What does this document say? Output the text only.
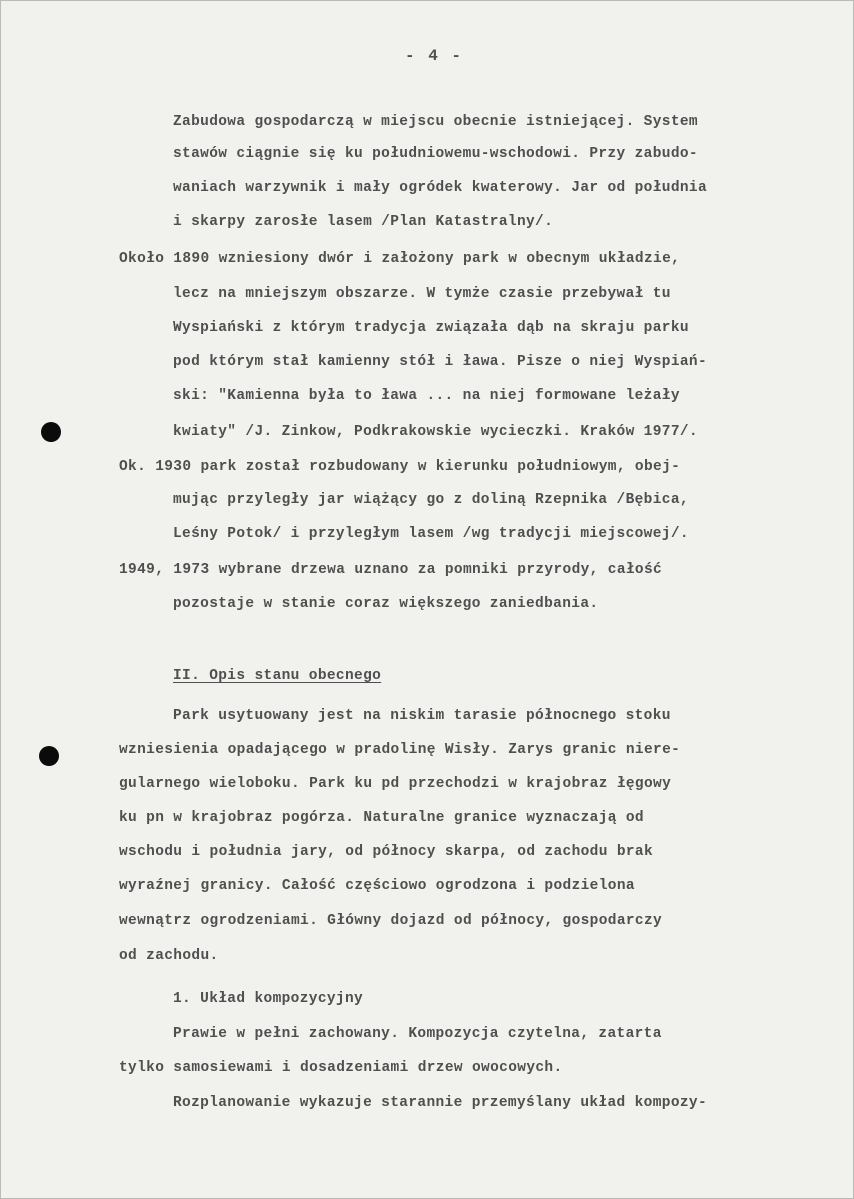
- 4 -
Zabudowa gospodarczą w miejscu obecnie istniejącej. System
stawów ciągnie się ku południowemu-wschodowi. Przy zabudo-
waniach warzywnik i mały ogródek kwaterowy. Jar od południa
i skarpy zarosłe lasem /Plan Katastralny/.
Około 1890 wzniesiony dwór i założony park w obecnym układzie,
lecz na mniejszym obszarze. W tymże czasie przebywał tu
Wyspiański z którym tradycja związała dąb na skraju parku
pod którym stał kamienny stół i ława. Pisze o niej Wyspiań-
ski: "Kamienna była to ława ... na niej formowane leżały
kwiaty" /J. Zinkow, Podkrakowskie wycieczki. Kraków 1977/.
Ok. 1930 park został rozbudowany w kierunku południowym, obej-
mując przyległy jar wiążący go z doliną Rzepnika /Bębica,
Leśny Potok/ i przyległym lasem /wg tradycji miejscowej/.
1949, 1973 wybrane drzewa uznano za pomniki przyrody, całość
pozostaje w stanie coraz większego zaniedbania.
II. Opis stanu obecnego
Park usytuowany jest na niskim tarasie północnego stoku
wzniesienia opadającego w pradolinę Wisły. Zarys granic niere-
gularnego wieloboku. Park ku pd przechodzi w krajobraz łęgowy
ku pn w krajobraz pogórza. Naturalne granice wyznaczają od
wschodu i południa jary, od północy skarpa, od zachodu brak
wyraźnej granicy. Całość częściowo ogrodzona i podzielona
wewnątrz ogrodzeniami. Główny dojazd od północy, gospodarczy
od zachodu.
1. Układ kompozycyjny
Prawie w pełni zachowany. Kompozycja czytelna, zatarta
tylko samosiewami i dosadzeniami drzew owocowych.
Rozplanowanie wykazuje starannie przemyślany układ kompozy-
